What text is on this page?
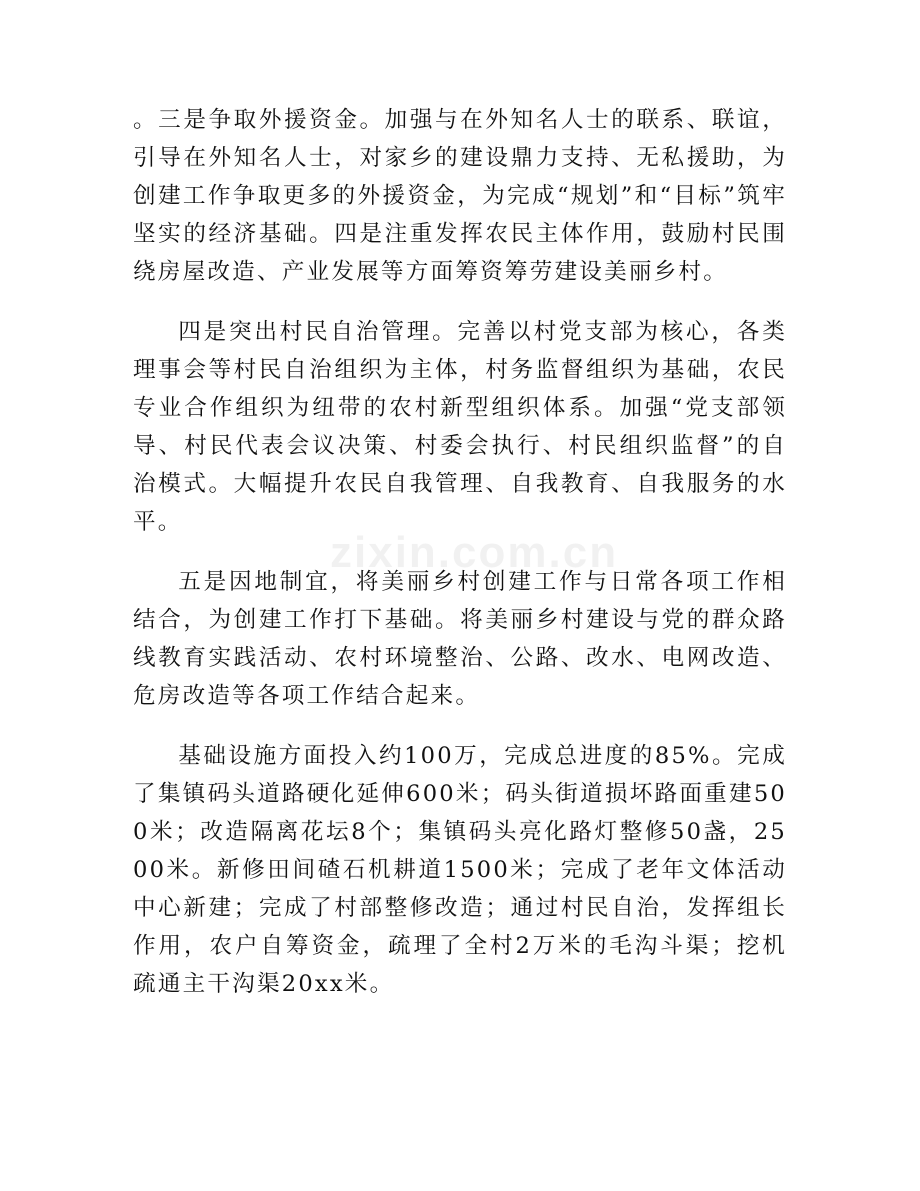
zixin.com.cn

。三是争取外援资金。加强与在外知名人士的联系、联谊，引导在外知名人士，对家乡的建设鼎力支持、无私援助，为创建工作争取更多的外援资金，为完成“规划”和“目标”筑牢坚实的经济基础。四是注重发挥农民主体作用，鼓励村民围绕房屋改造、产业发展等方面筹资筹劳建设美丽乡村。

四是突出村民自治管理。完善以村党支部为核心，各类理事会等村民自治组织为主体，村务监督组织为基础，农民专业合作组织为纽带的农村新型组织体系。加强“党支部领导、村民代表会议决策、村委会执行、村民组织监督”的自治模式。大幅提升农民自我管理、自我教育、自我服务的水平。

五是因地制宜，将美丽乡村创建工作与日常各项工作相结合，为创建工作打下基础。将美丽乡村建设与党的群众路线教育实践活动、农村环境整治、公路、改水、电网改造、危房改造等各项工作结合起来。

基础设施方面投入约100万，完成总进度的85%。完成了集镇码头道路硬化延伸600米；码头街道损坏路面重建500米；改造隔离花坛8个；集镇码头亮化路灯整修50盏，2500米。新修田间碴石机耕道1500米；完成了老年文体活动中心新建；完成了村部整修改造；通过村民自治，发挥组长作用，农户自筹资金，疏理了全村2万米的毛沟斗渠；挖机疏通主干沟渠20xx米。
